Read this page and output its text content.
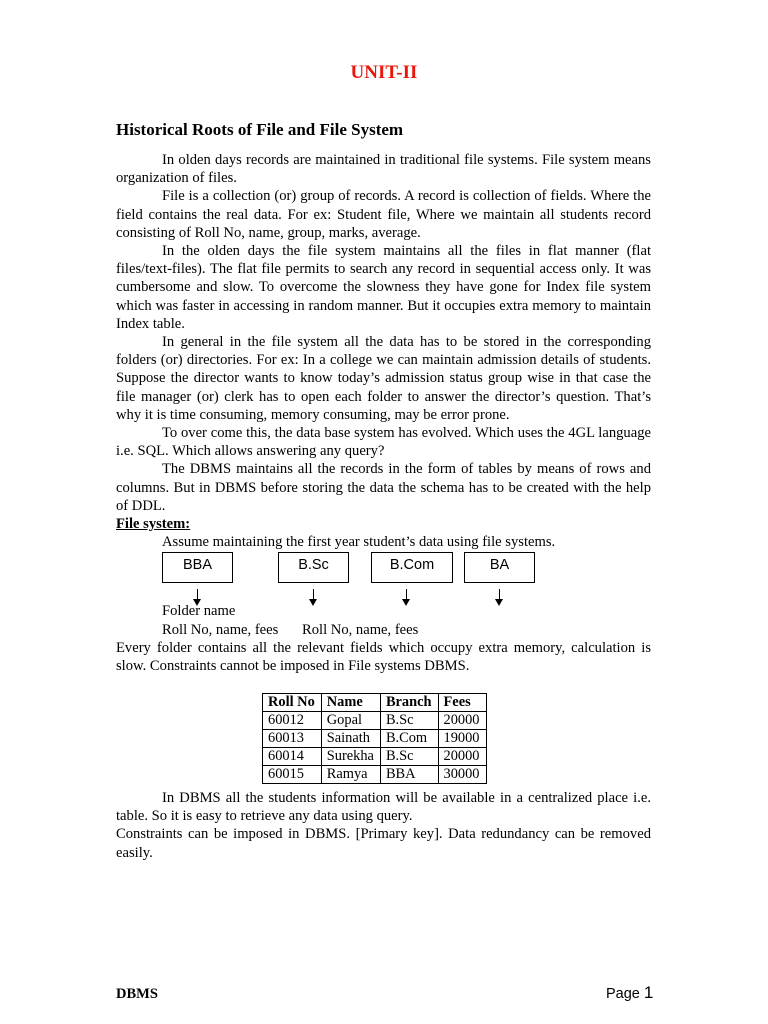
UNIT-II
Historical Roots of File and File System

In olden days records are maintained in traditional file systems. File system means organization of files.

File is a collection (or) group of records. A record is collection of fields. Where the field contains the real data. For ex: Student file, Where we maintain all students record consisting of Roll No, name, group, marks, average.

In the olden days the file system maintains all the files in flat manner (flat files/text-files). The flat file permits to search any record in sequential access only. It was cumbersome and slow. To overcome the slowness they have gone for Index file system which was faster in accessing in random manner. But it occupies extra memory to maintain Index table.

In general in the file system all the data has to be stored in the corresponding folders (or) directories. For ex: In a college we can maintain admission details of students. Suppose the director wants to know today’s admission status group wise in that case the file manager (or) clerk has to open each folder to answer the director’s question. That’s why it is time consuming, memory consuming, may be error prone.

To over come this, the data base system has evolved. Which uses the 4GL language i.e. SQL. Which allows answering any query?

The DBMS maintains all the records in the form of tables by means of rows and columns. But in DBMS before storing the data the schema has to be created with the help of DDL.

File system:

Assume maintaining the first year student’s data using file systems.

BBA	B.Sc	B.Com	BA
Folder name
Roll No, name, fees Roll No, name, fees
Every folder contains all the relevant fields which occupy extra memory, calculation is slow. Constraints cannot be imposed in File systems DBMS.
Roll No	Name	Branch	Fees
60012	Gopal	B.Sc	20000
60013	Sainath	B.Com	19000
60014	Surekha	B.Sc	20000
60015	Ramya	BBA	30000

In DBMS all the students information will be available in a centralized place i.e. table. So it is easy to retrieve any data using query.

Constraints can be imposed in DBMS. [Primary key]. Data redundancy can be removed easily.

DBMS	Page 1
